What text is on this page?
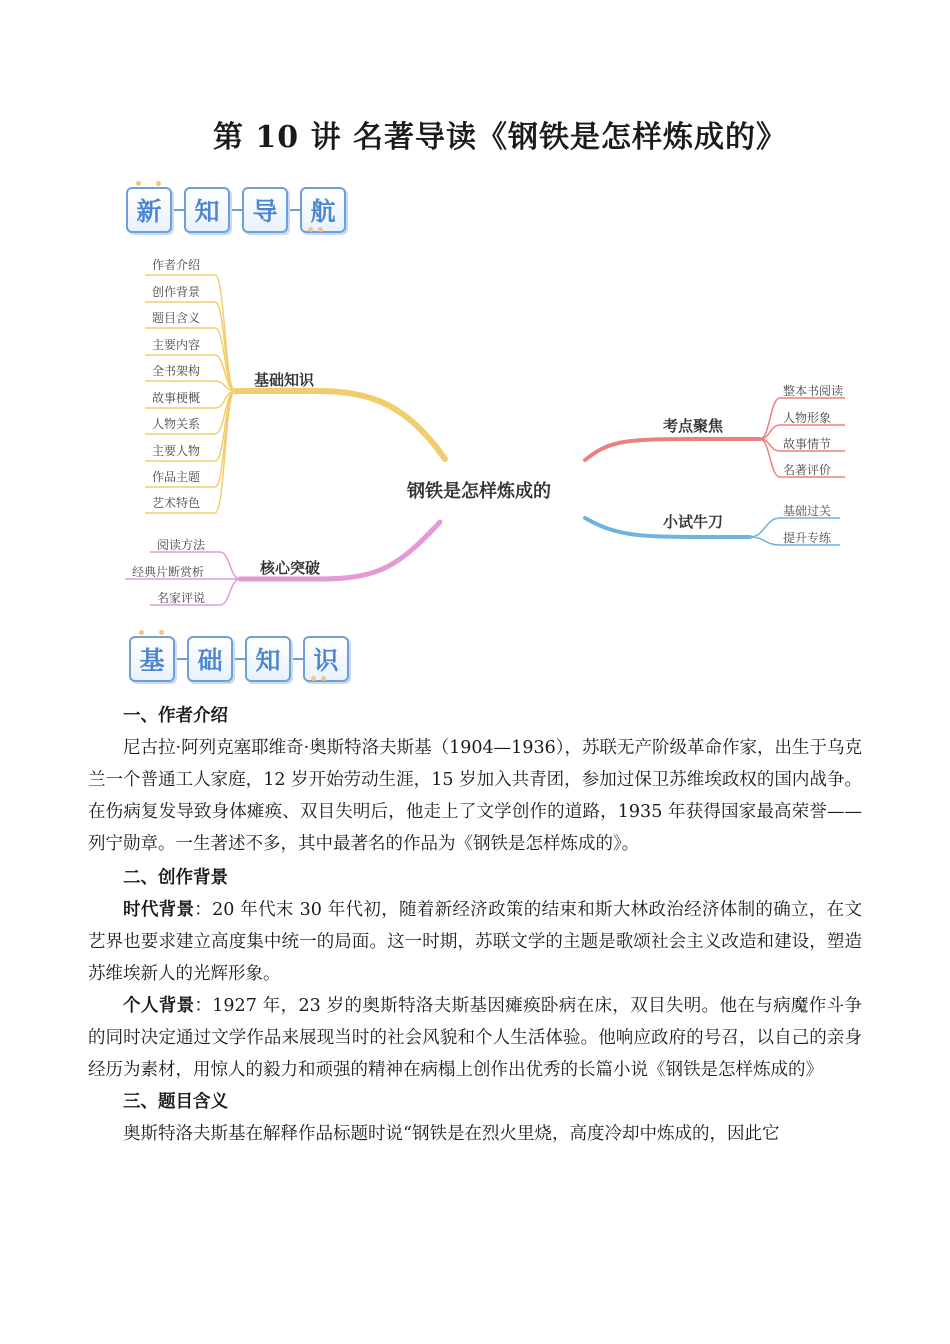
第 10 讲 名著导读《钢铁是怎样炼成的》
新	知	导	航
基础知识
作者介绍
创作背景
题目含义
主要内容
全书架构
故事梗概
人物关系
主要人物
作品主题
艺术特色
核心突破
阅读方法
经典片断赏析
名家评说
考点聚焦
整本书阅读
人物形象
故事情节
名著评价
小试牛刀
基础过关
提升专练
钢铁是怎样炼成的
基	础	知	识
一、作者介绍

尼古拉·阿列克塞耶维奇·奥斯特洛夫斯基（1904—1936），苏联无产阶级革命作家，出生于乌克兰一个普通工人家庭，12 岁开始劳动生涯，15 岁加入共青团，参加过保卫苏维埃政权的国内战争。在伤病复发导致身体瘫痪、双目失明后，他走上了文学创作的道路，1935 年获得国家最高荣誉——列宁勋章。一生著述不多，其中最著名的作品为《钢铁是怎样炼成的》。

二、创作背景

时代背景：20 年代末 30 年代初，随着新经济政策的结束和斯大林政治经济体制的确立，在文艺界也要求建立高度集中统一的局面。这一时期，苏联文学的主题是歌颂社会主义改造和建设，塑造苏维埃新人的光辉形象。

个人背景：1927 年，23 岁的奥斯特洛夫斯基因瘫痪卧病在床，双目失明。他在与病魔作斗争的同时决定通过文学作品来展现当时的社会风貌和个人生活体验。他响应政府的号召，以自己的亲身经历为素材，用惊人的毅力和顽强的精神在病榻上创作出优秀的长篇小说《钢铁是怎样炼成的》

三、题目含义

奥斯特洛夫斯基在解释作品标题时说“钢铁是在烈火里烧，高度冷却中炼成的，因此它
